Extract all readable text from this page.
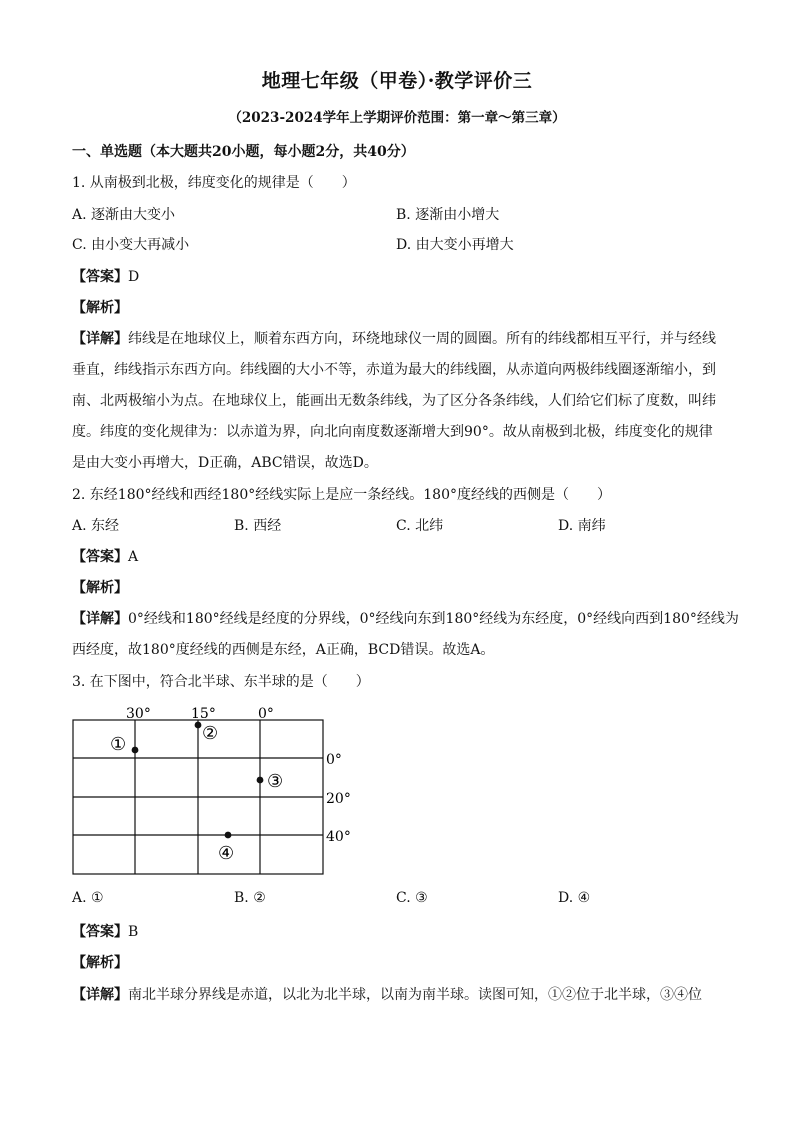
地理七年级（甲卷）·教学评价三
（2023-2024学年上学期评价范围：第一章～第三章）
一、单选题（本大题共20小题，每小题2分，共40分）
1. 从南极到北极，纬度变化的规律是（　　）
A. 逐渐由大变小	B. 逐渐由小增大
C. 由小变大再减小	D. 由大变小再增大
【答案】D
【解析】
【详解】纬线是在地球仪上，顺着东西方向，环绕地球仪一周的圆圈。所有的纬线都相互平行，并与经线
垂直，纬线指示东西方向。纬线圈的大小不等，赤道为最大的纬线圈，从赤道向两极纬线圈逐渐缩小，到
南、北两极缩小为点。在地球仪上，能画出无数条纬线，为了区分各条纬线，人们给它们标了度数，叫纬
度。纬度的变化规律为：以赤道为界，向北向南度数逐渐增大到90°。故从南极到北极，纬度变化的规律
是由大变小再增大，D正确，ABC错误，故选D。
2. 东经180°经线和西经180°经线实际上是应一条经线。180°度经线的西侧是（　　）
A. 东经	B. 西经	C. 北纬	D. 南纬
【答案】A
【解析】
【详解】0°经线和180°经线是经度的分界线，0°经线向东到180°经线为东经度，0°经线向西到180°经线为
西经度，故180°度经线的西侧是东经，A正确，BCD错误。故选A。
3. 在下图中，符合北半球、东半球的是（　　）
30°	15°	0°
0°
20°
40°
①
②
③
④
A. ①	B. ②	C. ③	D. ④
【答案】B
【解析】
【详解】南北半球分界线是赤道，以北为北半球，以南为南半球。读图可知，①②位于北半球，③④位
